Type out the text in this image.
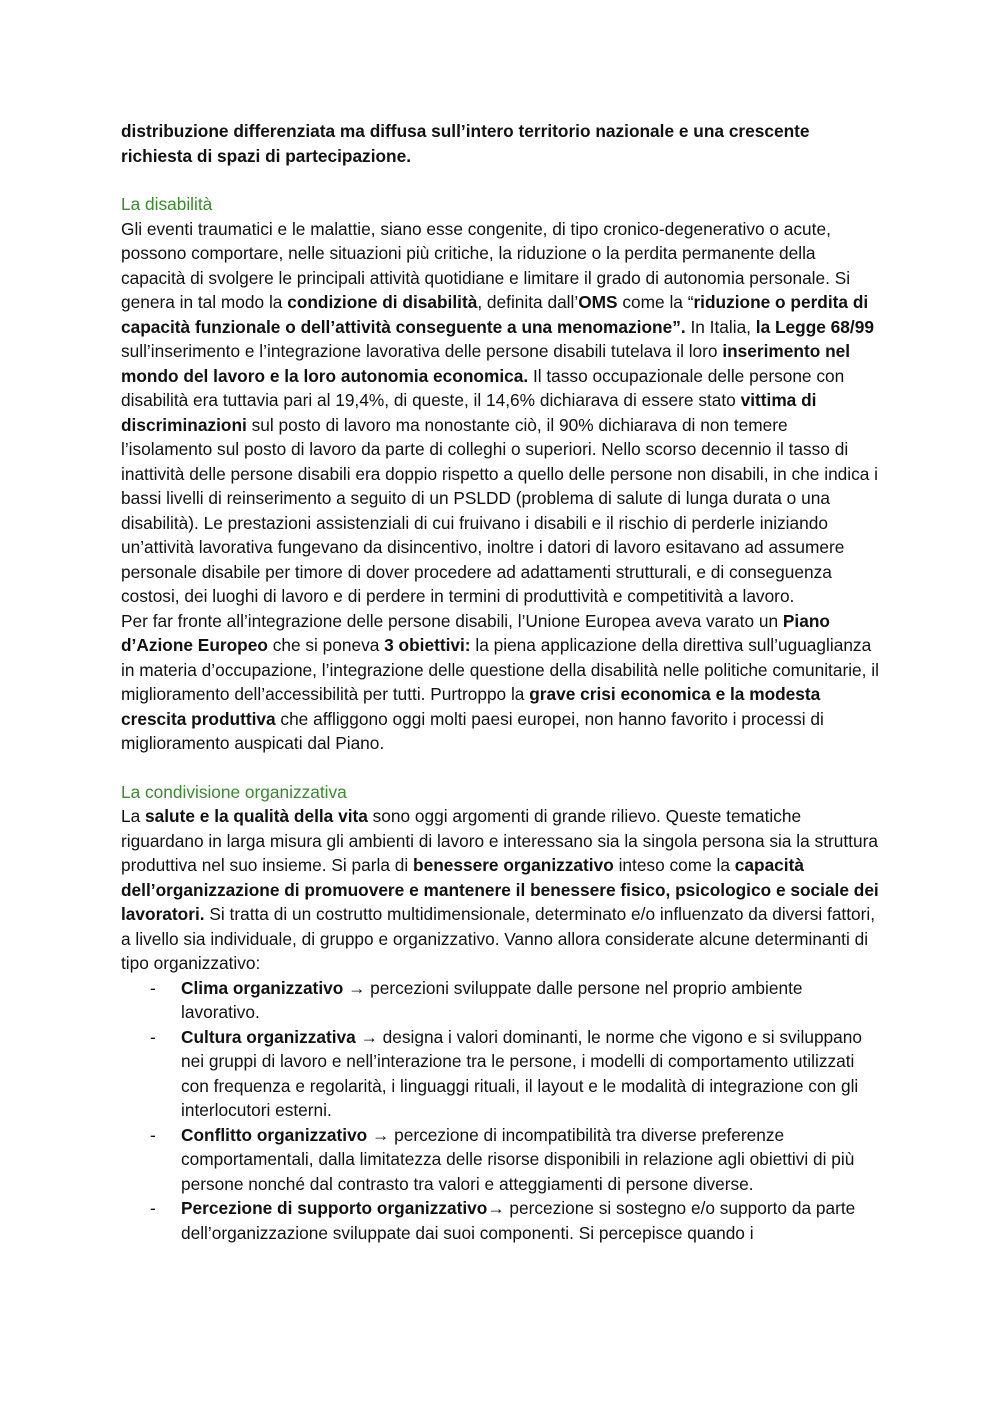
distribuzione differenziata ma diffusa sull’intero territorio nazionale e una crescente richiesta di spazi di partecipazione.

La disabilità

Gli eventi traumatici e le malattie, siano esse congenite, di tipo cronico-degenerativo o acute, possono comportare, nelle situazioni più critiche, la riduzione o la perdita permanente della capacità di svolgere le principali attività quotidiane e limitare il grado di autonomia personale. Si genera in tal modo la condizione di disabilità, definita dall’OMS come la “riduzione o perdita di capacità funzionale o dell’attività conseguente a una menomazione”. In Italia, la Legge 68/99 sull’inserimento e l’integrazione lavorativa delle persone disabili tutelava il loro inserimento nel mondo del lavoro e la loro autonomia economica. Il tasso occupazionale delle persone con disabilità era tuttavia pari al 19,4%, di queste, il 14,6% dichiarava di essere stato vittima di discriminazioni sul posto di lavoro ma nonostante ciò, il 90% dichiarava di non temere l’isolamento sul posto di lavoro da parte di colleghi o superiori. Nello scorso decennio il tasso di inattività delle persone disabili era doppio rispetto a quello delle persone non disabili, in che indica i bassi livelli di reinserimento a seguito di un PSLDD (problema di salute di lunga durata o una disabilità). Le prestazioni assistenziali di cui fruivano i disabili e il rischio di perderle iniziando un’attività lavorativa fungevano da disincentivo, inoltre i datori di lavoro esitavano ad assumere personale disabile per timore di dover procedere ad adattamenti strutturali, e di conseguenza costosi, dei luoghi di lavoro e di perdere in termini di produttività e competitività a lavoro.

Per far fronte all’integrazione delle persone disabili, l’Unione Europea aveva varato un Piano d’Azione Europeo che si poneva 3 obiettivi: la piena applicazione della direttiva sull’uguaglianza in materia d’occupazione, l’integrazione delle questione della disabilità nelle politiche comunitarie, il miglioramento dell’accessibilità per tutti. Purtroppo la grave crisi economica e la modesta crescita produttiva che affliggono oggi molti paesi europei, non hanno favorito i processi di miglioramento auspicati dal Piano.

La condivisione organizzativa

La salute e la qualità della vita sono oggi argomenti di grande rilievo. Queste tematiche riguardano in larga misura gli ambienti di lavoro e interessano sia la singola persona sia la struttura produttiva nel suo insieme. Si parla di benessere organizzativo inteso come la capacità dell’organizzazione di promuovere e mantenere il benessere fisico, psicologico e sociale dei lavoratori. Si tratta di un costrutto multidimensionale, determinato e/o influenzato da diversi fattori, a livello sia individuale, di gruppo e organizzativo. Vanno allora considerate alcune determinanti di tipo organizzativo:

- Clima organizzativo → percezioni sviluppate dalle persone nel proprio ambiente lavorativo.
- Cultura organizzativa → designa i valori dominanti, le norme che vigono e si sviluppano nei gruppi di lavoro e nell’interazione tra le persone, i modelli di comportamento utilizzati con frequenza e regolarità, i linguaggi rituali, il layout e le modalità di integrazione con gli interlocutori esterni.
- Conflitto organizzativo → percezione di incompatibilità tra diverse preferenze comportamentali, dalla limitatezza delle risorse disponibili in relazione agli obiettivi di più persone nonché dal contrasto tra valori e atteggiamenti di persone diverse.
- Percezione di supporto organizzativo→ percezione si sostegno e/o supporto da parte dell’organizzazione sviluppate dai suoi componenti. Si percepisce quando i
